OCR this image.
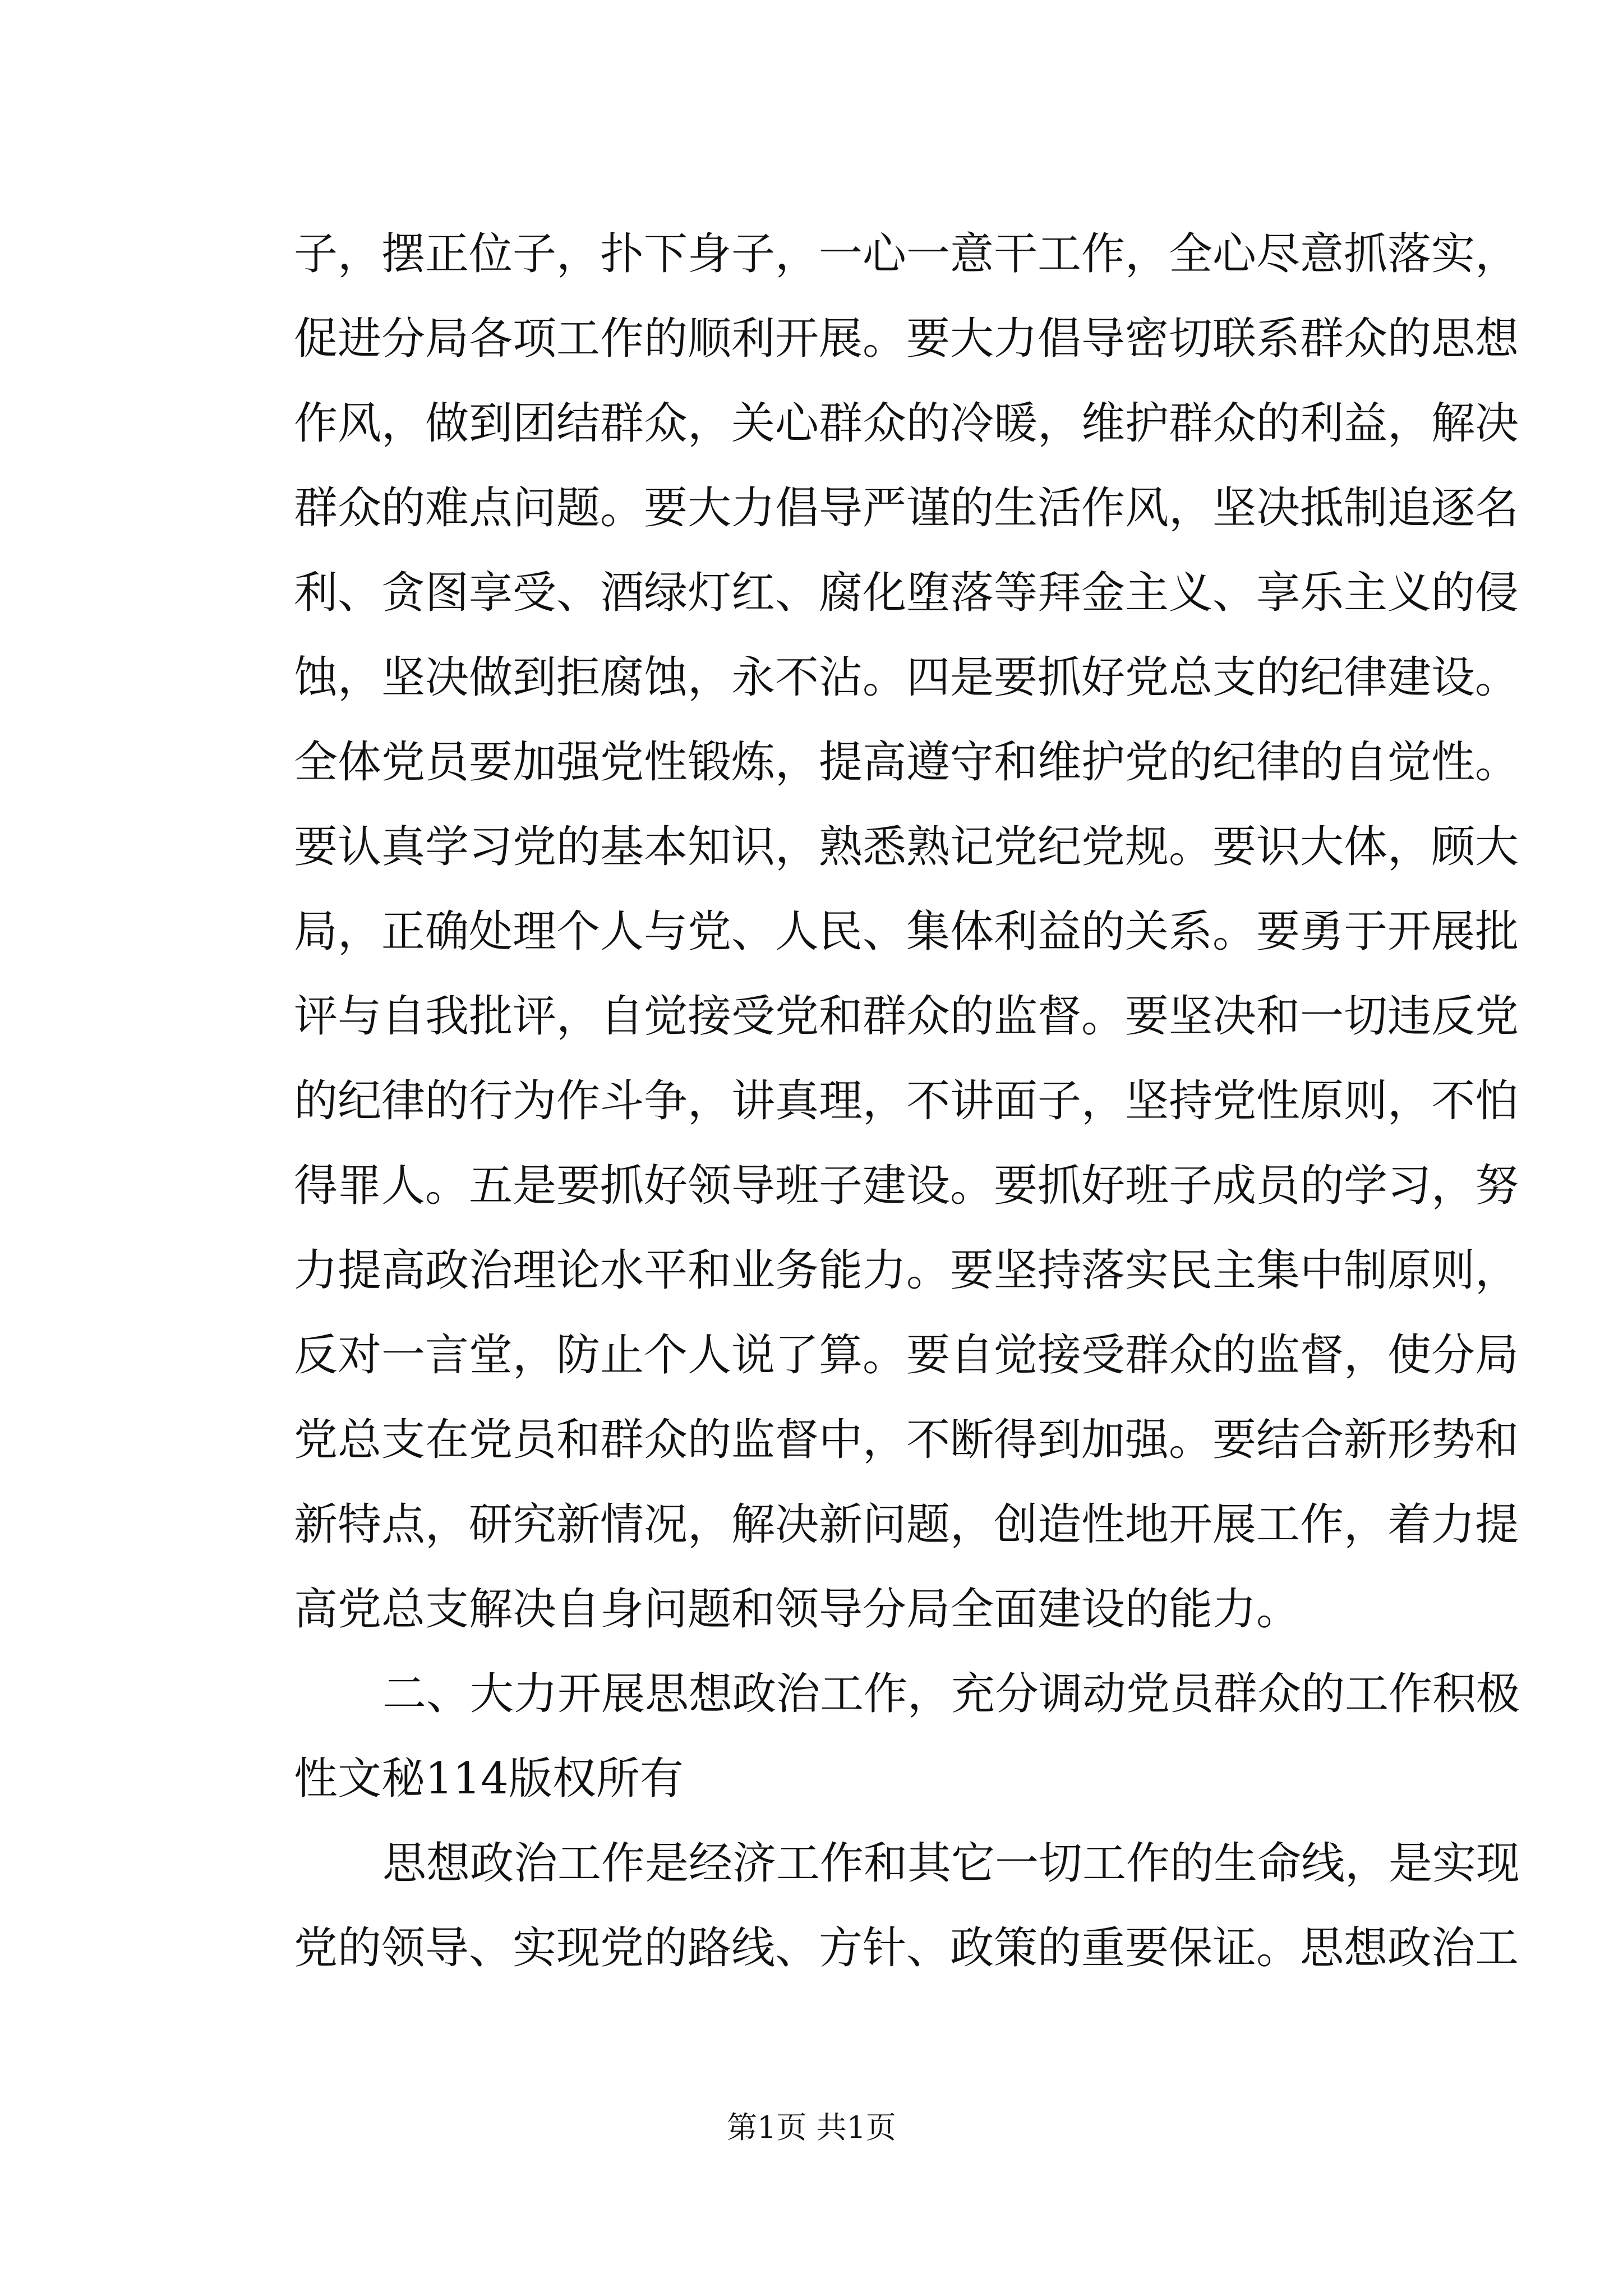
子，摆正位子，扑下身子，一心一意干工作，全心尽意抓落实，
促进分局各项工作的顺利开展。要大力倡导密切联系群众的思想
作风，做到团结群众，关心群众的冷暖，维护群众的利益，解决
群众的难点问题。要大力倡导严谨的生活作风，坚决抵制追逐名
利、贪图享受、酒绿灯红、腐化堕落等拜金主义、享乐主义的侵
蚀，坚决做到拒腐蚀，永不沾。四是要抓好党总支的纪律建设。
全体党员要加强党性锻炼，提高遵守和维护党的纪律的自觉性。
要认真学习党的基本知识，熟悉熟记党纪党规。要识大体，顾大
局，正确处理个人与党、人民、集体利益的关系。要勇于开展批
评与自我批评，自觉接受党和群众的监督。要坚决和一切违反党
的纪律的行为作斗争，讲真理，不讲面子，坚持党性原则，不怕
得罪人。五是要抓好领导班子建设。要抓好班子成员的学习，努
力提高政治理论水平和业务能力。要坚持落实民主集中制原则，
反对一言堂，防止个人说了算。要自觉接受群众的监督，使分局
党总支在党员和群众的监督中，不断得到加强。要结合新形势和
新特点，研究新情况，解决新问题，创造性地开展工作，着力提
高党总支解决自身问题和领导分局全面建设的能力。
二、大力开展思想政治工作，充分调动党员群众的工作积极
性文秘114版权所有
思想政治工作是经济工作和其它一切工作的生命线，是实现
党的领导、实现党的路线、方针、政策的重要保证。思想政治工
第1页 共1页
